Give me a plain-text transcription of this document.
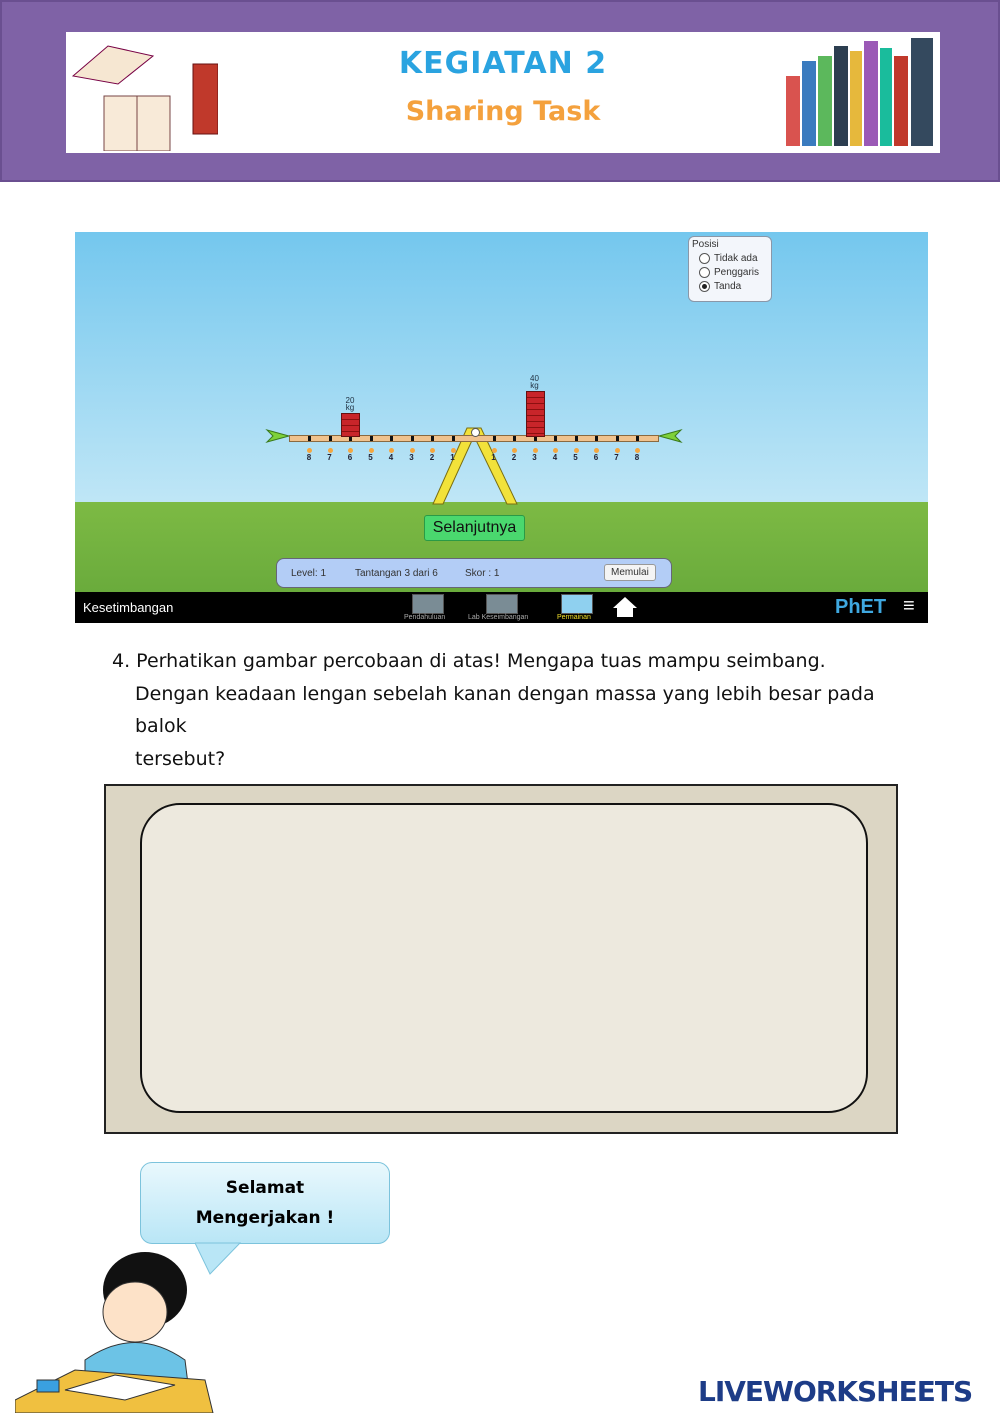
KEGIATAN 2
Sharing Task
Posisi
Tidak ada
Penggaris
Tanda
Selanjutnya
Level: 1	Tantangan 3 dari 6	Skor : 1	Memulai
Kesetimbangan
Pendahuluan	Lab Keseimbangan	Permainan	PhET ≡
8	7	6	5	4	3	2	1	1	2	3	4	5	6	7	8
20
kg
40
kg
4. Perhatikan gambar percobaan di atas! Mengapa tuas mampu seimbang.
Dengan keadaan lengan sebelah kanan dengan massa yang lebih besar pada balok
tersebut?
Selamat
Mengerjakan !
LIVEWORKSHEETS
